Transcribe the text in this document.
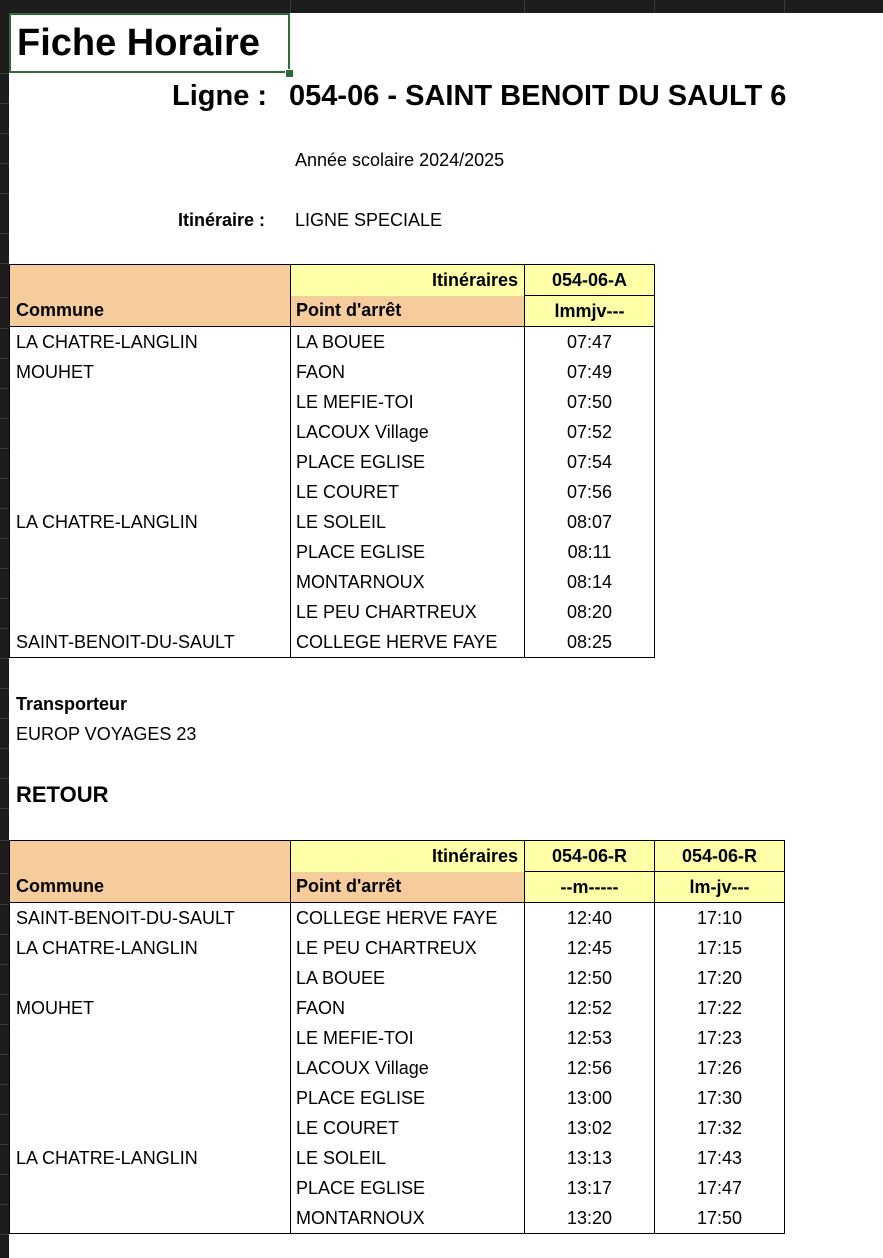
Fiche Horaire
Ligne : 054-06 - SAINT BENOIT DU SAULT 6
Année scolaire 2024/2025
Itinéraire : LIGNE SPECIALE
	Itinéraires	054-06-A
Commune	Point d'arrêt	lmmjv---
LA CHATRE-LANGLIN	LA BOUEE	07:47
MOUHET	FAON	07:49
	LE MEFIE-TOI	07:50
	LACOUX Village	07:52
	PLACE EGLISE	07:54
	LE COURET	07:56
LA CHATRE-LANGLIN	LE SOLEIL	08:07
	PLACE EGLISE	08:11
	MONTARNOUX	08:14
	LE PEU CHARTREUX	08:20
SAINT-BENOIT-DU-SAULT	COLLEGE HERVE FAYE	08:25
Transporteur
EUROP VOYAGES 23
RETOUR
	Itinéraires	054-06-R	054-06-R
Commune	Point d'arrêt	--m-----	lm-jv---
SAINT-BENOIT-DU-SAULT	COLLEGE HERVE FAYE	12:40	17:10
LA CHATRE-LANGLIN	LE PEU CHARTREUX	12:45	17:15
	LA BOUEE	12:50	17:20
MOUHET	FAON	12:52	17:22
	LE MEFIE-TOI	12:53	17:23
	LACOUX Village	12:56	17:26
	PLACE EGLISE	13:00	17:30
	LE COURET	13:02	17:32
LA CHATRE-LANGLIN	LE SOLEIL	13:13	17:43
	PLACE EGLISE	13:17	17:47
	MONTARNOUX	13:20	17:50
